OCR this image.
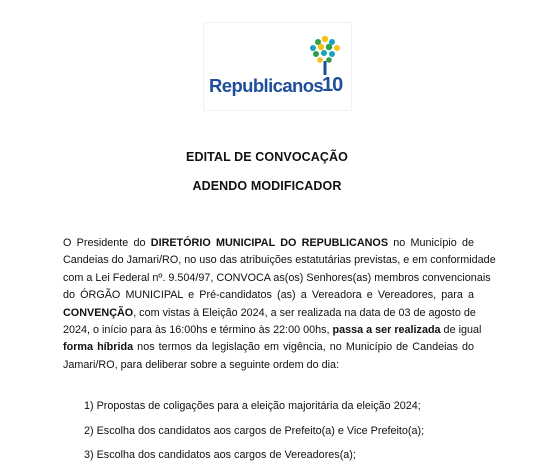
Republicanos
10
EDITAL DE CONVOCAÇÃO
ADENDO MODIFICADOR
O Presidente do DIRETÓRIO MUNICIPAL DO REPUBLICANOS no Município de
Candeias do Jamari/RO, no uso das atribuições estatutárias previstas, e em conformidade
com a Lei Federal nº. 9.504/97, CONVOCA as(os) Senhores(as) membros convencionais
do ÓRGÃO MUNICIPAL e Pré-candidatos (as) a Vereadora e Vereadores, para a
CONVENÇÃO, com vistas à Eleição 2024, a ser realizada na data de 03 de agosto de
2024, o início para às 16:00hs e término às 22:00 00hs, passa a ser realizada de igual
forma híbrida nos termos da legislação em vigência, no Município de Candeias do
Jamari/RO, para deliberar sobre a seguinte ordem do dia:
1) Propostas de coligações para a eleição majoritária da eleição 2024;
2) Escolha dos candidatos aos cargos de Prefeito(a) e Vice Prefeito(a);
3) Escolha dos candidatos aos cargos de Vereadores(a);
